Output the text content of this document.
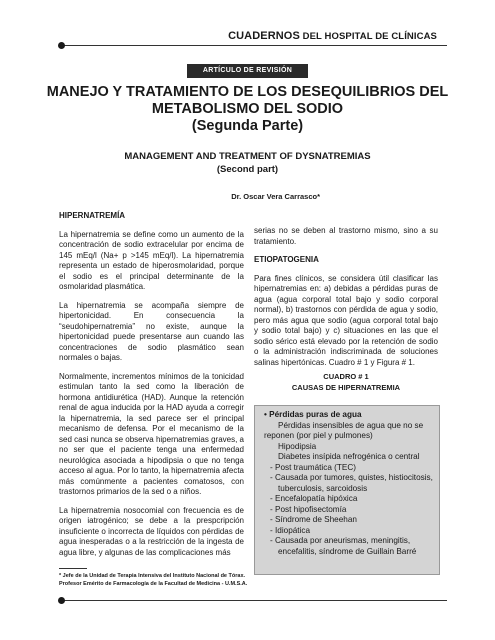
CUADERNOS DEL HOSPITAL DE CLÍNICAS
ARTÍCULO DE REVISIÓN
MANEJO Y TRATAMIENTO DE LOS DESEQUILIBRIOS DEL
METABOLISMO DEL SODIO
(Segunda Parte)
MANAGEMENT AND TREATMENT OF DYSNATREMIAS
(Second part)
Dr. Oscar Vera Carrasco*
HIPERNATREMÍA

La hipernatremia se define como un aumento de la concentración de sodio extracelular por encima de 145 mEq/l (Na+ p >145 mEq/l). La hipernatremia representa un estado de hiperosmolaridad, porque el sodio es el principal determinante de la osmolaridad plasmática.

La hipernatremia se acompaña siempre de hipertonicidad. En consecuencia la “seudohipernatremia” no existe, aunque la hipertonicidad puede presentarse aun cuando las concentraciones de sodio plasmático sean normales o bajas.

Normalmente, incrementos mínimos de la tonicidad estimulan tanto la sed como la liberación de hormona antidiurética (HAD). Aunque la retención renal de agua inducida por la HAD ayuda a corregir la hipernatremia, la sed parece ser el principal mecanismo de defensa. Por el mecanismo de la sed casi nunca se observa hipernatremias graves, a no ser que el paciente tenga una enfermedad neurológica asociada a hipodipsia o que no tenga acceso al agua. Por lo tanto, la hipernatremia afecta más comúnmente a pacientes comatosos, con trastornos primarios de la sed o a niños.

La hipernatremia nosocomial con frecuencia es de origen iatrogénico; se debe a la prespcripción insuficiente o incorrecta de líquidos con pérdidas de agua inesperadas o a la restricción de la ingesta de agua libre, y algunas de las complicaciones más

* Jefe de la Unidad de Terapia Intensiva del Instituto Nacional de Tórax.
Profesor Emérito de Farmacología de la Facultad de Medicina - U.M.S.A.

serias no se deben al trastorno mismo, sino a su tratamiento.

ETIOPATOGENIA

Para fines clínicos, se considera útil clasificar las hipernatremias en: a) debidas a pérdidas puras de agua (agua corporal total bajo y sodio corporal normal), b) trastornos con pérdida de agua y sodio, pero más agua que sodio (agua corporal total bajo y sodio total bajo) y c) situaciones en las que el sodio sérico está elevado por la retención de sodio o la administración indiscriminada de soluciones salinas hipertónicas. Cuadro # 1 y Figura # 1.

CUADRO # 1
CAUSAS DE HIPERNATREMIA
• Pérdidas puras de agua
Pérdidas insensibles de agua que no se
reponen (por piel y pulmones)
Hipodipsia
Diabetes insípida nefrogénica o central
- Post traumática (TEC)
- Causada por tumores, quistes, histiocitosis, tuberculosis, sarcoidosis
- Encefalopatía hipóxica
- Post hipofisectomía
- Síndrome de Sheehan
- Idiopática
- Causada por aneurismas, meningitis, encefalitis, síndrome de Guillain Barré
